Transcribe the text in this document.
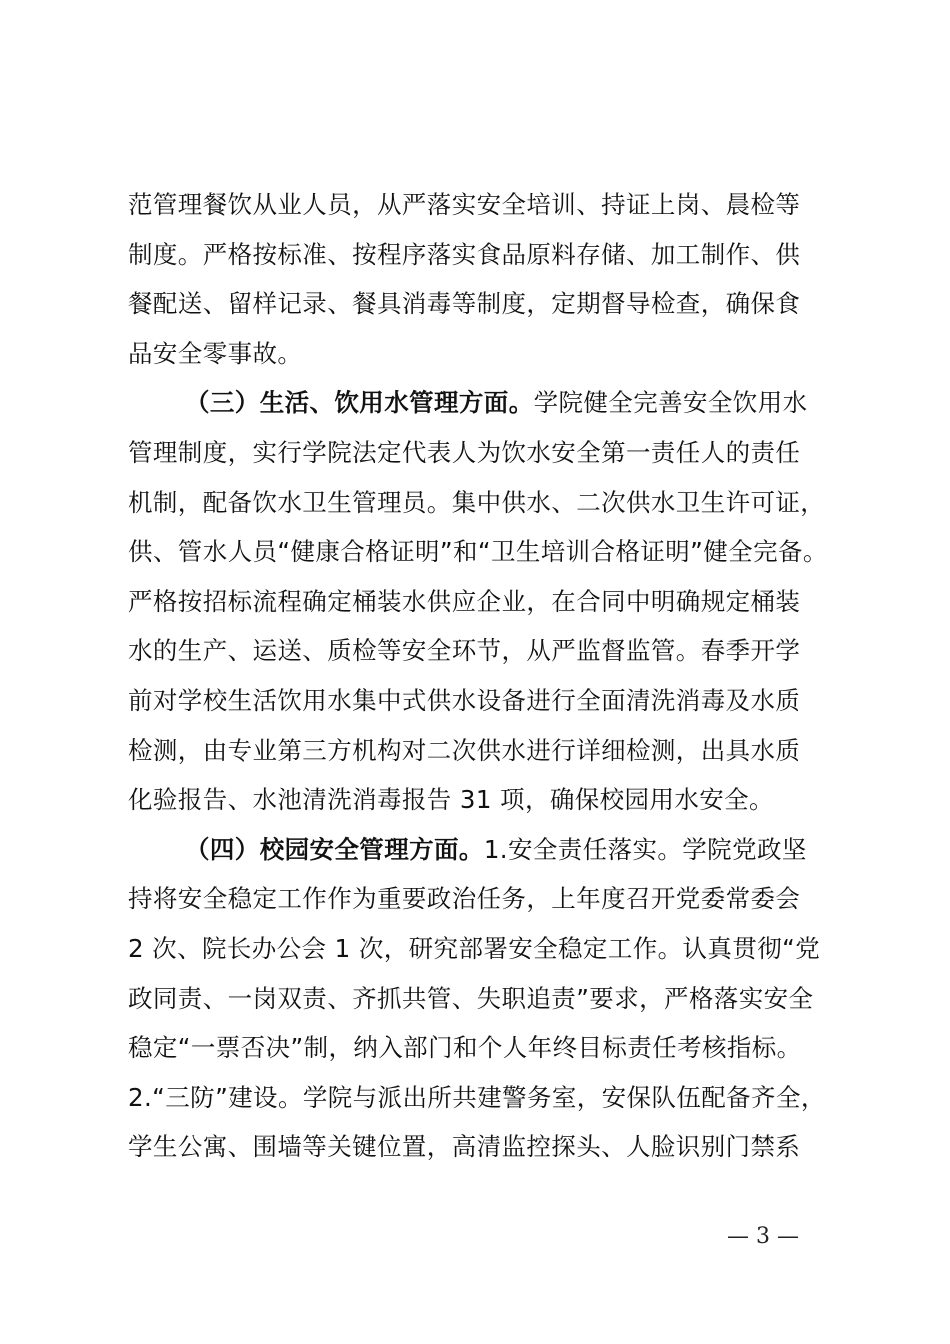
范管理餐饮从业人员，从严落实安全培训、持证上岗、晨检等
制度。严格按标准、按程序落实食品原料存储、加工制作、供
餐配送、留样记录、餐具消毒等制度，定期督导检查，确保食
品安全零事故。
（三）生活、饮用水管理方面。学院健全完善安全饮用水
管理制度，实行学院法定代表人为饮水安全第一责任人的责任
机制，配备饮水卫生管理员。集中供水、二次供水卫生许可证，
供、管水人员“健康合格证明”和“卫生培训合格证明”健全完备。
严格按招标流程确定桶装水供应企业，在合同中明确规定桶装
水的生产、运送、质检等安全环节，从严监督监管。春季开学
前对学校生活饮用水集中式供水设备进行全面清洗消毒及水质
检测，由专业第三方机构对二次供水进行详细检测，出具水质
化验报告、水池清洗消毒报告 31 项，确保校园用水安全。
（四）校园安全管理方面。1.安全责任落实。学院党政坚
持将安全稳定工作作为重要政治任务，上年度召开党委常委会
2 次、院长办公会 1 次，研究部署安全稳定工作。认真贯彻“党
政同责、一岗双责、齐抓共管、失职追责”要求，严格落实安全
稳定“一票否决”制，纳入部门和个人年终目标责任考核指标。
2.“三防”建设。学院与派出所共建警务室，安保队伍配备齐全，
学生公寓、围墙等关键位置，高清监控探头、人脸识别门禁系
— 3 —
